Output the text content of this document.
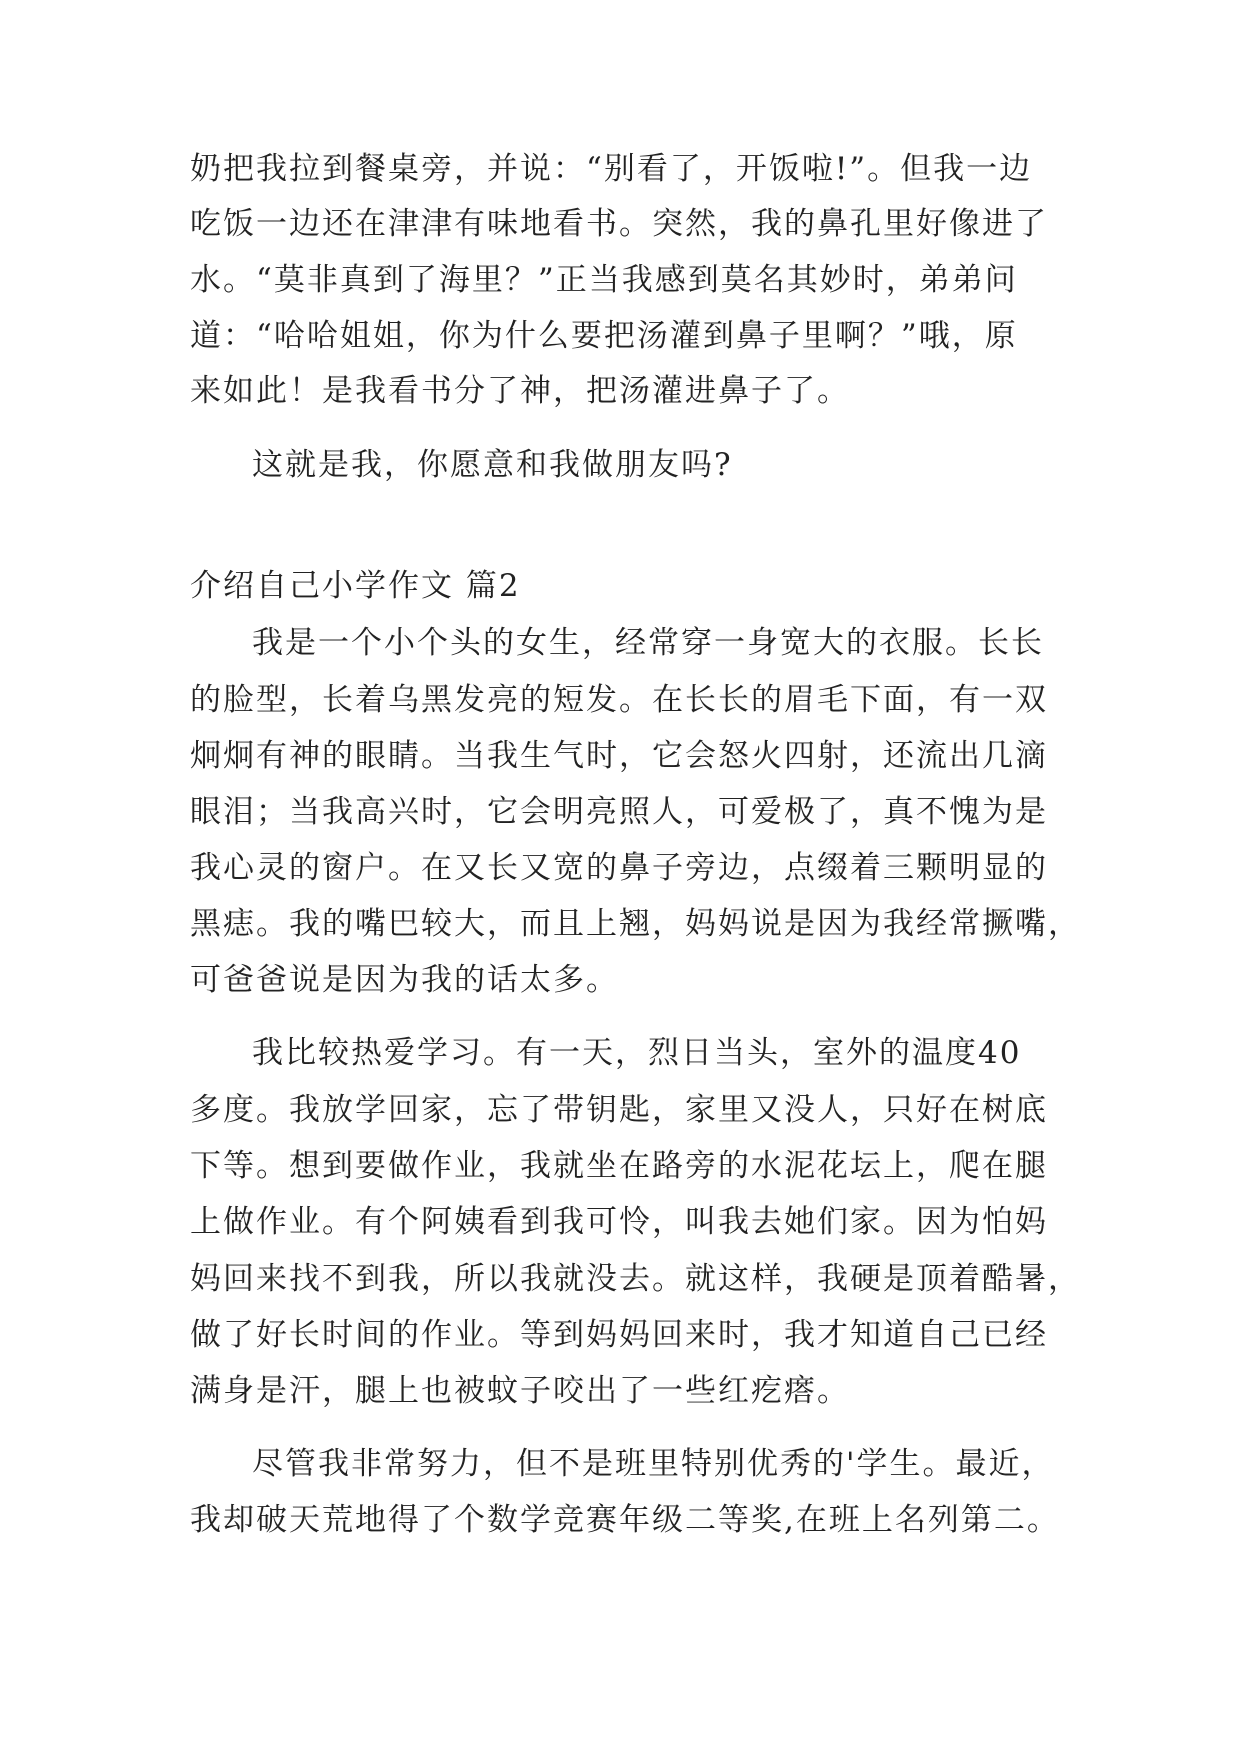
奶把我拉到餐桌旁，并说：“别看了，开饭啦!”。但我一边
吃饭一边还在津津有味地看书。突然，我的鼻孔里好像进了
水。“莫非真到了海里？”正当我感到莫名其妙时，弟弟问
道：“哈哈姐姐，你为什么要把汤灌到鼻子里啊？”哦，原
来如此！是我看书分了神，把汤灌进鼻子了。
这就是我，你愿意和我做朋友吗?
介绍自己小学作文 篇2
我是一个小个头的女生，经常穿一身宽大的衣服。长长
的脸型，长着乌黑发亮的短发。在长长的眉毛下面，有一双
炯炯有神的眼睛。当我生气时，它会怒火四射，还流出几滴
眼泪；当我高兴时，它会明亮照人，可爱极了，真不愧为是
我心灵的窗户。在又长又宽的鼻子旁边，点缀着三颗明显的
黑痣。我的嘴巴较大，而且上翘，妈妈说是因为我经常撅嘴，
可爸爸说是因为我的话太多。
我比较热爱学习。有一天，烈日当头，室外的温度40
多度。我放学回家，忘了带钥匙，家里又没人，只好在树底
下等。想到要做作业，我就坐在路旁的水泥花坛上，爬在腿
上做作业。有个阿姨看到我可怜，叫我去她们家。因为怕妈
妈回来找不到我，所以我就没去。就这样，我硬是顶着酷暑，
做了好长时间的作业。等到妈妈回来时，我才知道自己已经
满身是汗，腿上也被蚊子咬出了一些红疙瘩。
尽管我非常努力，但不是班里特别优秀的'学生。最近，
我却破天荒地得了个数学竞赛年级二等奖,在班上名列第二。
